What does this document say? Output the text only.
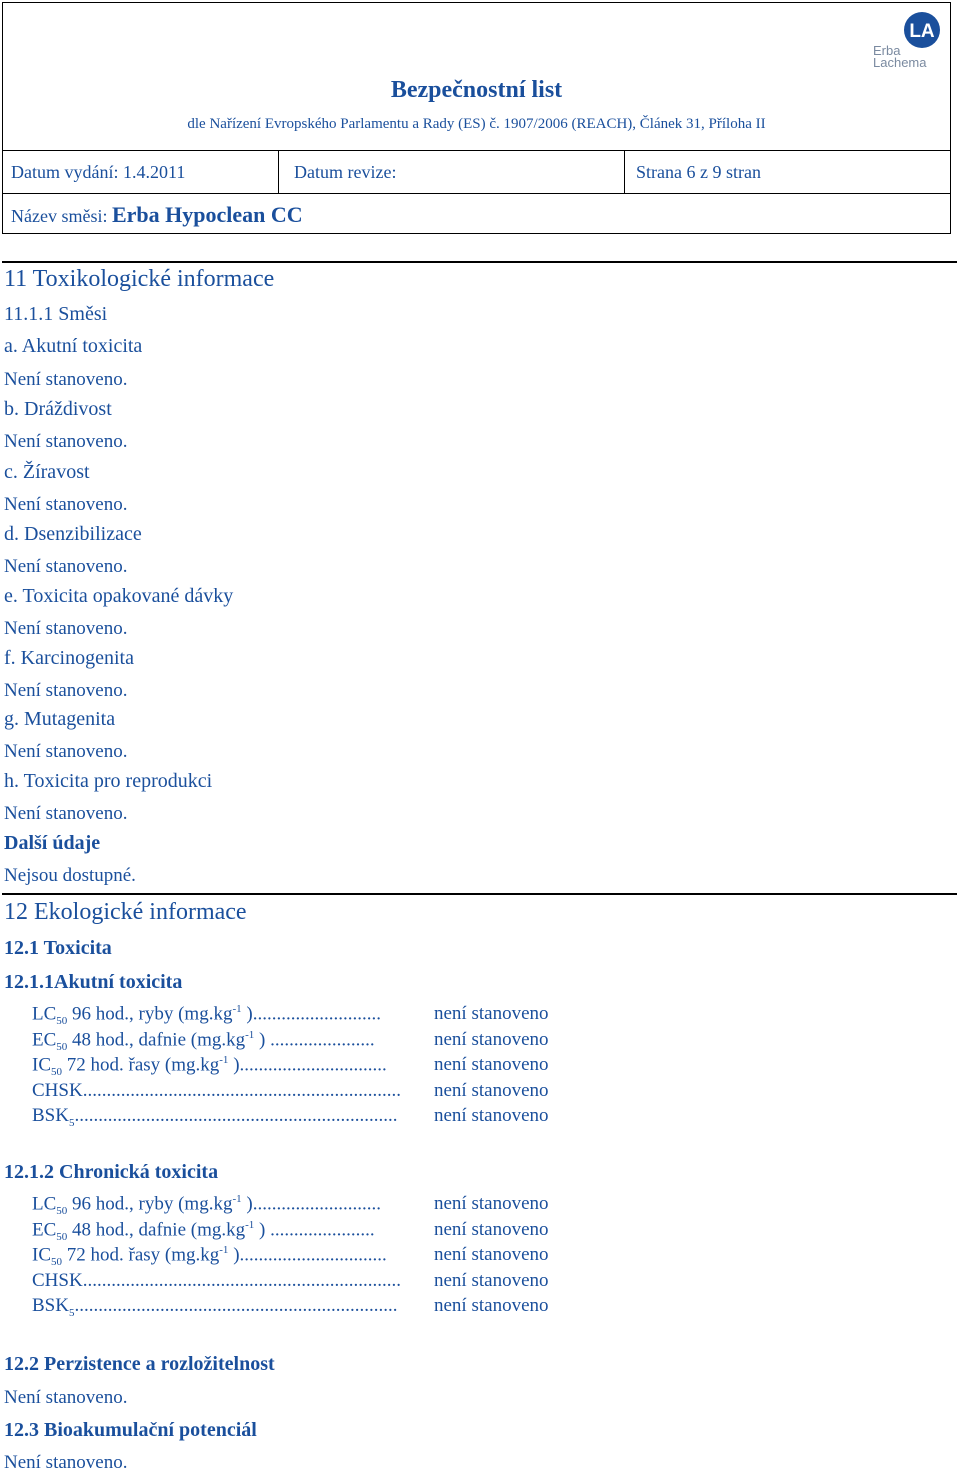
LA
Erba
Lachema
Bezpečnostní list
dle Nařízení Evropského Parlamentu a Rady (ES) č. 1907/2006 (REACH), Článek 31, Příloha II
Datum vydání: 1.4.2011	Datum revize:	Strana 6 z 9 stran
Název směsi: Erba Hypoclean CC
11 Toxikologické informace
11.1.1 Směsi
a. Akutní toxicita
Není stanoveno.
b. Dráždivost
Není stanoveno.
c. Žíravost
Není stanoveno.
d. Dsenzibilizace
Není stanoveno.
e. Toxicita opakované dávky
Není stanoveno.
f. Karcinogenita
Není stanoveno.
g. Mutagenita
Není stanoveno.
h. Toxicita pro reprodukci
Není stanoveno.
Další údaje
Nejsou dostupné.
12 Ekologické informace
12.1 Toxicita
12.1.1Akutní toxicita
$LC_{50}$ 96 hod., ryby ($mg.kg^{-1}$ )...........................	není stanoveno
$EC_{50}$ 48 hod., dafnie ($mg.kg^{-1}$ ) ......................	není stanoveno
$IC_{50}$ 72 hod. řasy ($mg.kg^{-1}$ )............................... není stanoveno
CHSK................................................................... není stanoveno
$BSK_5$.................................................................... není stanoveno
12.1.2 Chronická toxicita
$LC_{50}$ 96 hod., ryby ($mg.kg^{-1}$ )...........................	není stanoveno
$EC_{50}$ 48 hod., dafnie ($mg.kg^{-1}$ ) ......................	není stanoveno
$IC_{50}$ 72 hod. řasy ($mg.kg^{-1}$ )............................... není stanoveno
CHSK................................................................... není stanoveno
$BSK_5$.................................................................... není stanoveno
12.2 Perzistence a rozložitelnost
Není stanoveno.
12.3 Bioakumulační potenciál
Není stanoveno.
